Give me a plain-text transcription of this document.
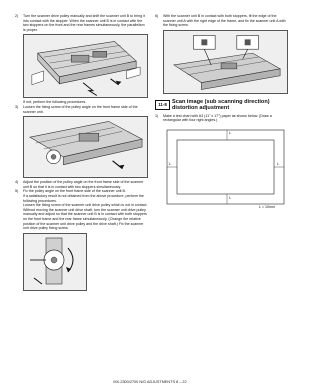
2) Turn the scanner drive pulley manually and shift the scanner unit B to bring it into contact with the stopper. When the scanner unit B is in contact with the two stoppers on the front and the rear frames simultaneously, the parallelism is proper.

If not, perform the following procedures.

3) Loosen the fixing screw of the pulley angle on the front frame side of the scanner unit.

4) Adjust the position of the pulley angle on the front frame side of the scanner unit B so that it is in contact with two stoppers simultaneously.

5) Fix the pulley angle on the front frame side of the scanner unit B.

If a satisfactory result is not obtained from the above procedure, perform the following procedures.

Loosen the fixing screw of the scanner unit drive pulley which is not in contact.

Without moving the scanner unit drive shaft, turn the scanner unit drive pulley manually and adjust so that the scanner unit B is in contact with both stoppers on the front frame and the rear frame simultaneously. (Change the relative position of the scanner unit drive pulley and the drive shaft.) Fix the scanner unit drive pulley fixing screw.

6) With the scanner unit B in contact with both stoppers, fit the edge of the scanner unit A with the right edge of the frame, and fix the scanner unit A with the fixing screw.

11-8 Scan image (sub scanning direction) distortion adjustment

1) Make a test chart with A3 (11" x 17") paper as shown below. (Draw a rectangular with four right angles.)

L
L	L
L
L = 10mm
MX-2300/2700 N/G ADJUSTMENTS 8 – 22
